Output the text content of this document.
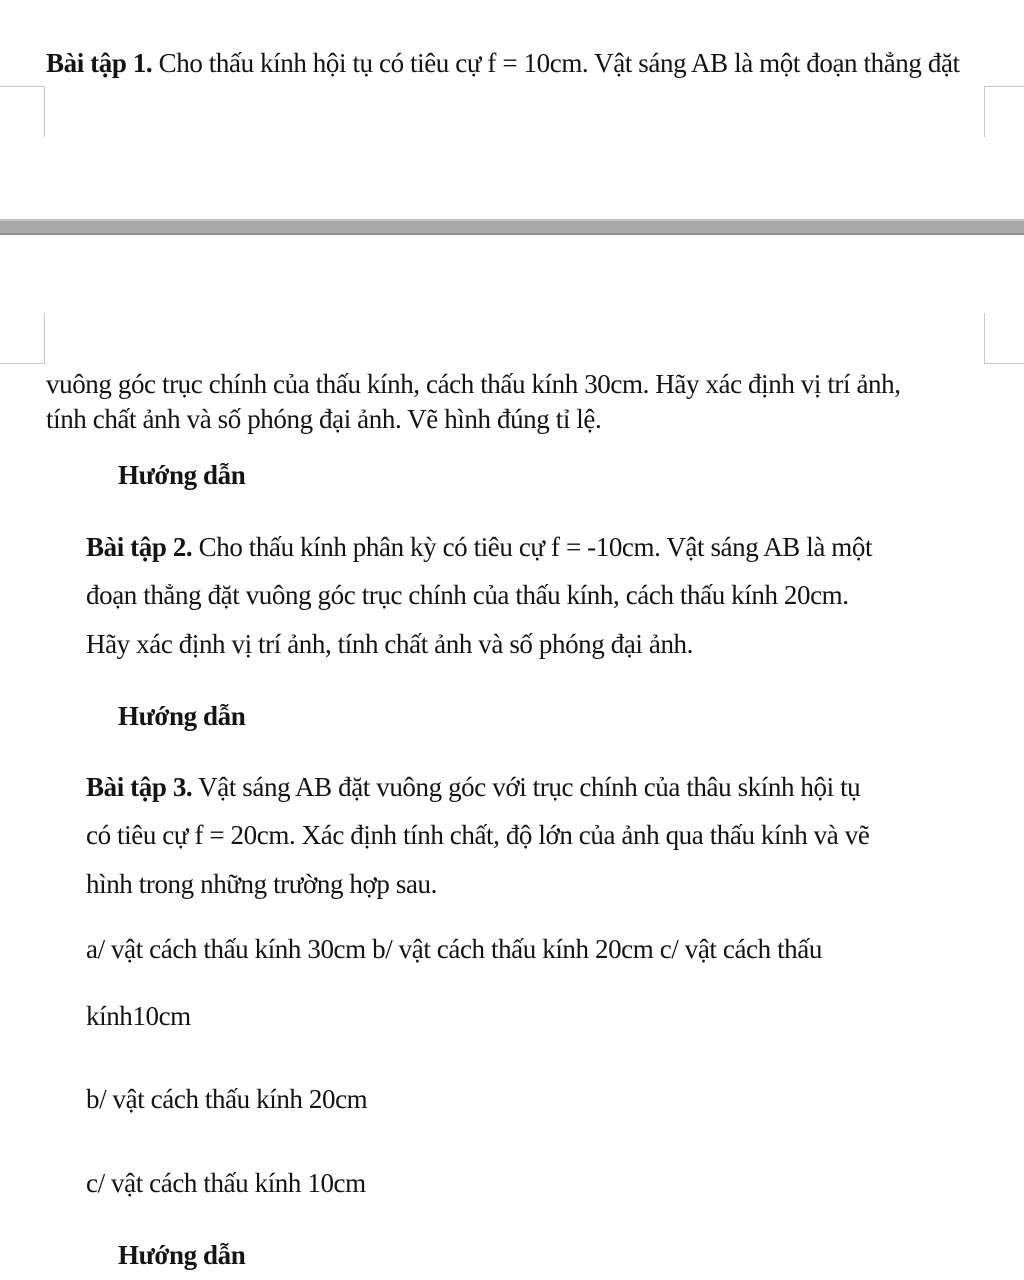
Bài tập 1. Cho thấu kính hội tụ có tiêu cự f = 10cm. Vật sáng AB là một đoạn thẳng đặt
vuông góc trục chính của thấu kính, cách thấu kính 30cm. Hãy xác định vị trí ảnh,
tính chất ảnh và số phóng đại ảnh. Vẽ hình đúng tỉ lệ.
Hướng dẫn
Bài tập 2. Cho thấu kính phân kỳ có tiêu cự f = -10cm. Vật sáng AB là một
đoạn thẳng đặt vuông góc trục chính của thấu kính, cách thấu kính 20cm.
Hãy xác định vị trí ảnh, tính chất ảnh và số phóng đại ảnh.
Hướng dẫn
Bài tập 3. Vật sáng AB đặt vuông góc với trục chính của thâu skính hội tụ
có tiêu cự f = 20cm. Xác định tính chất, độ lớn của ảnh qua thấu kính và vẽ
hình trong những trường hợp sau.
a/ vật cách thấu kính 30cm b/ vật cách thấu kính 20cm c/ vật cách thấu
kính10cm
b/ vật cách thấu kính 20cm
c/ vật cách thấu kính 10cm
Hướng dẫn
